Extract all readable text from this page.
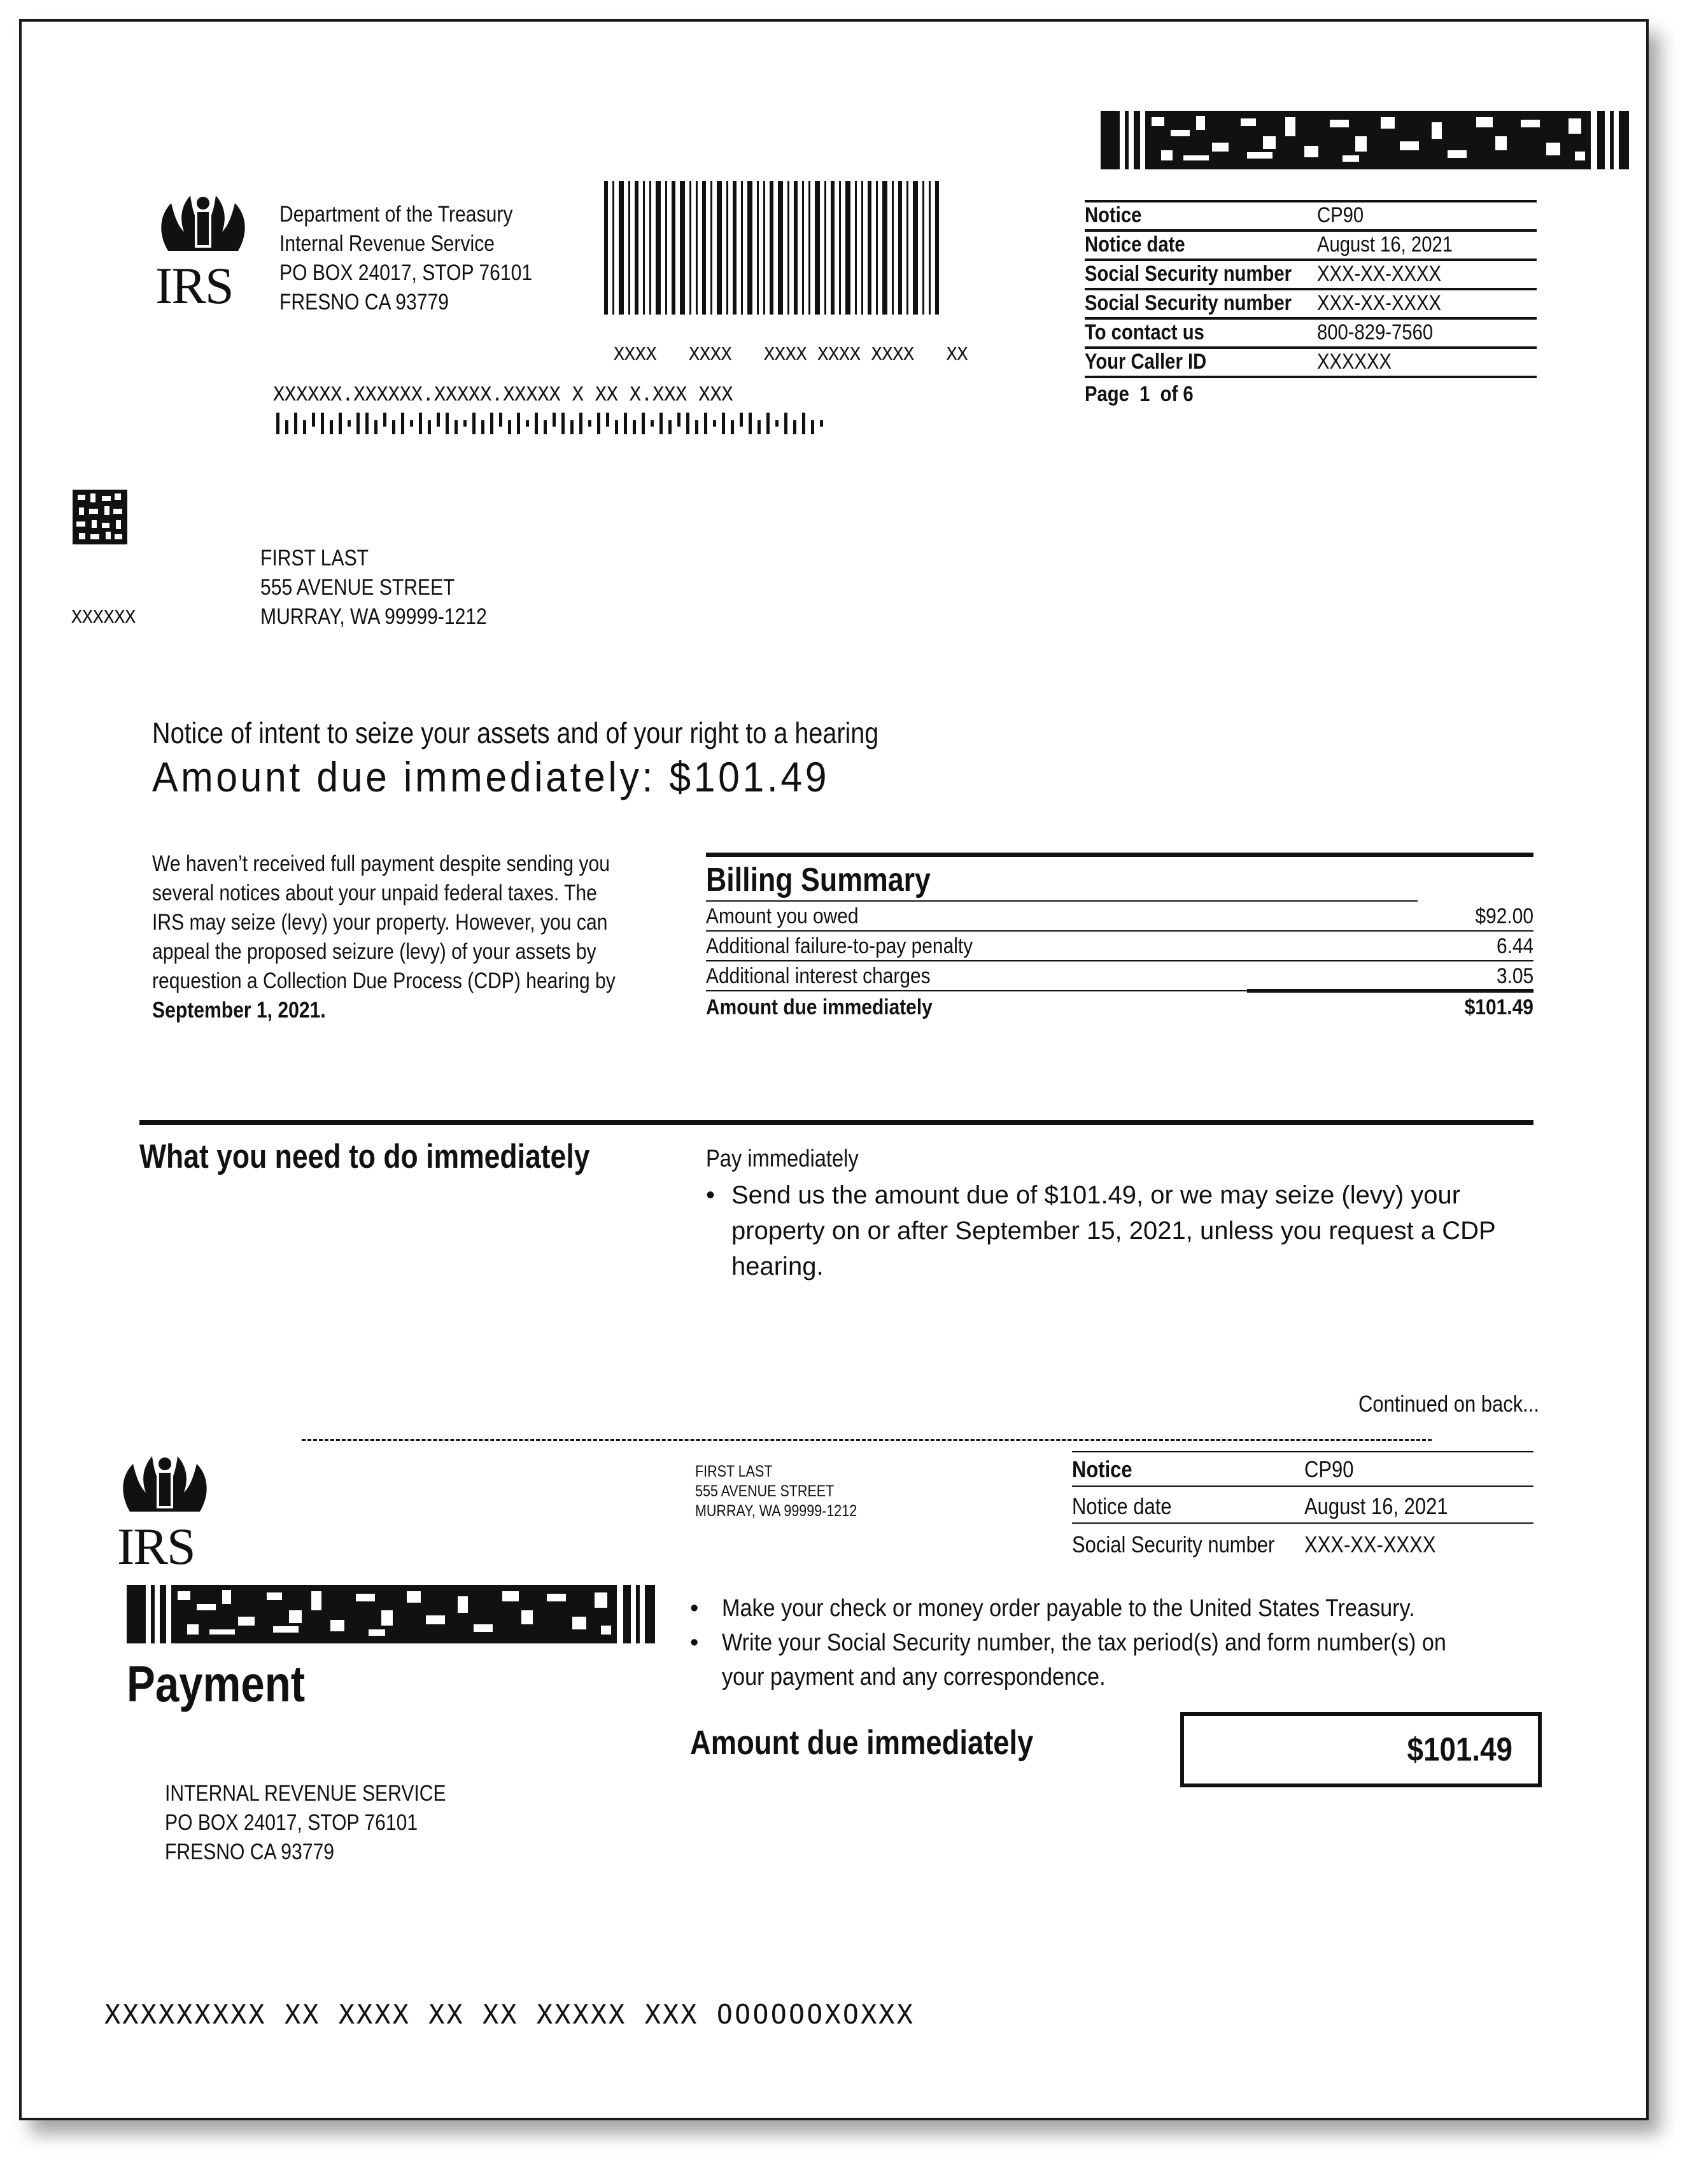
IRS
Department of the Treasury
Internal Revenue Service
PO BOX 24017, STOP 76101
FRESNO CA 93779
XXXX   XXXX   XXXX XXXX XXXX   XX
XXXXXX.XXXXXX.XXXXX.XXXXX X XX X.XXX XXX
Notice	CP90
Notice date	August 16, 2021
Social Security number XXX-XX-XXXX
Social Security number XXX-XX-XXXX
To contact us	800-829-7560
Your Caller ID	XXXXXX
Page  1  of 6
XXXXXX
FIRST LAST
555 AVENUE STREET
MURRAY, WA 99999-1212
Notice of intent to seize your assets and of your right to a hearing
Amount due immediately: $101.49
We haven’t received full payment despite sending you several notices about your unpaid federal taxes. The IRS may seize (levy) your property. However, you can appeal the proposed seizure (levy) of your assets by requestion a Collection Due Process (CDP) hearing by September 1, 2021.
Billing Summary
Amount you owed	$92.00
Additional failure-to-pay penalty	6.44
Additional interest charges	3.05
Amount due immediately	$101.49
What you need to do immediately	Pay immediately
• Send us the amount due of $101.49, or we may seize (levy) your property on or after September 15, 2021, unless you request a CDP hearing.
Continued on back...
IRS
FIRST LAST
555 AVENUE STREET
MURRAY, WA 99999-1212
Notice	CP90
Notice date	August 16, 2021
Social Security number XXX-XX-XXXX
Payment
• Make your check or money order payable to the United States Treasury.
• Write your Social Security number, the tax period(s) and form number(s) on your payment and any correspondence.
Amount due immediately	$101.49
INTERNAL REVENUE SERVICE
PO BOX 24017, STOP 76101
FRESNO CA 93779
XXXXXXXXX XX XXXX XX XX XXXXX XXX OOOOOOXOXXX
